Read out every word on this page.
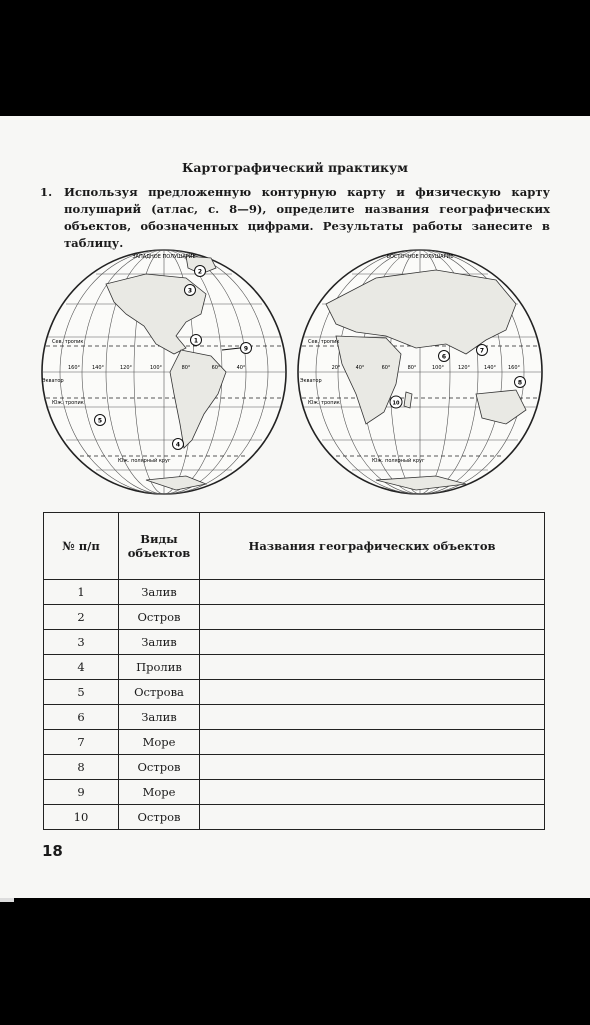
Картографический практикум
1. Используя предложенную контурную карту и физическую карту полушарий (атлас, с. 8—9), определите названия географических объектов, обозначенных цифрами. Результаты работы занесите в таблицу.
ЗАПАДНОЕ ПОЛУШАРИЕ
Сев. тропик
Экватор
Юж. тропик
Юж. полярный круг
160° 140°	120°	100°	80°	60°	40°
1
2
3
4
5
9
ВОСТОЧНОЕ ПОЛУШАРИЕ
Сев. тропик
Экватор
Юж. тропик
Юж. полярный круг
20°	40°	60°	80°	100°	120°	140° 160°
6
7
8
10
№ п/п	Виды объектов	Названия географических объектов
1	Залив	
2	Остров	
3	Залив	
4	Пролив	
5	Острова	
6	Залив	
7	Море	
8	Остров	
9	Море	
10	Остров	
18
